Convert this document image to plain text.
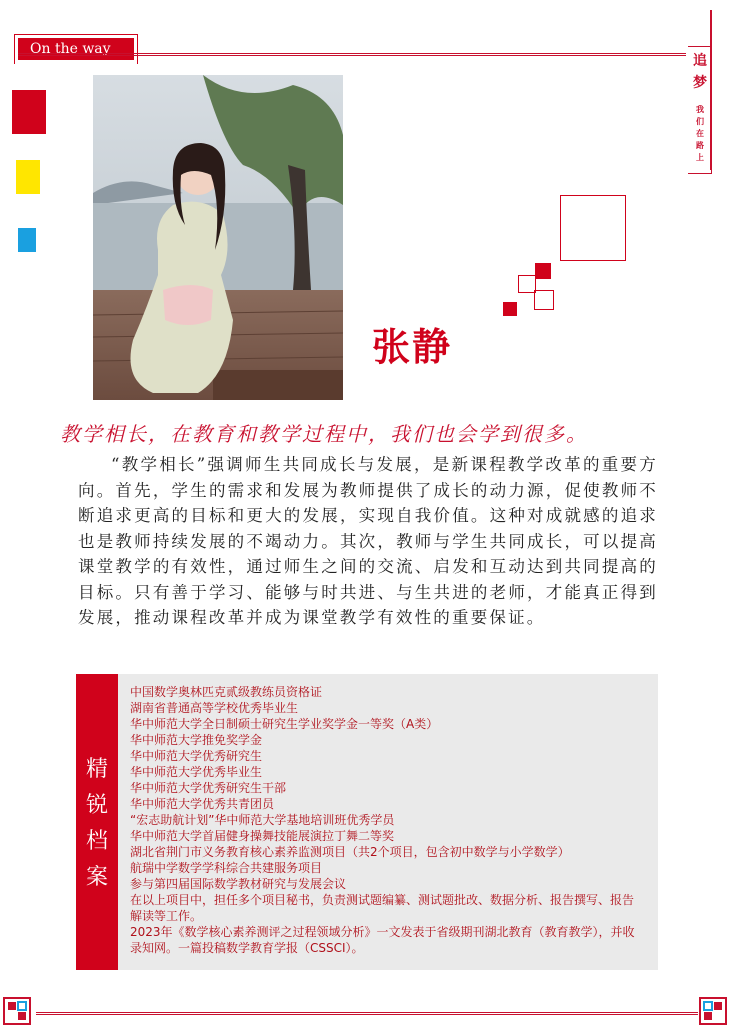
On the way
追梦
我们在路上
张静
教学相长，在教育和教学过程中，我们也会学到很多。
“教学相长”强调师生共同成长与发展，是新课程教学改革的重要方向。首先，学生的需求和发展为教师提供了成长的动力源，促使教师不断追求更高的目标和更大的发展，实现自我价值。这种对成就感的追求也是教师持续发展的不竭动力。其次，教师与学生共同成长，可以提高课堂教学的有效性，通过师生之间的交流、启发和互动达到共同提高的目标。只有善于学习、能够与时共进、与生共进的老师，才能真正得到发展，推动课程改革并成为课堂教学有效性的重要保证。
精锐档案
中国数学奥林匹克贰级教练员资格证
湖南省普通高等学校优秀毕业生
华中师范大学全日制硕士研究生学业奖学金一等奖（A类）
华中师范大学推免奖学金
华中师范大学优秀研究生
华中师范大学优秀毕业生
华中师范大学优秀研究生干部
华中师范大学优秀共青团员
“宏志助航计划”华中师范大学基地培训班优秀学员
华中师范大学首届健身操舞技能展演拉丁舞二等奖
湖北省荆门市义务教育核心素养监测项目（共2个项目，包含初中数学与小学数学）
航瑞中学数学学科综合共建服务项目
参与第四届国际数学教材研究与发展会议
在以上项目中，担任多个项目秘书，负责测试题编纂、测试题批改、数据分析、报告撰写、报告解读等工作。
2023年《数学核心素养测评之过程领域分析》一文发表于省级期刊湖北教育（教育教学），并收录知网。一篇投稿数学教育学报（CSSCI）。
